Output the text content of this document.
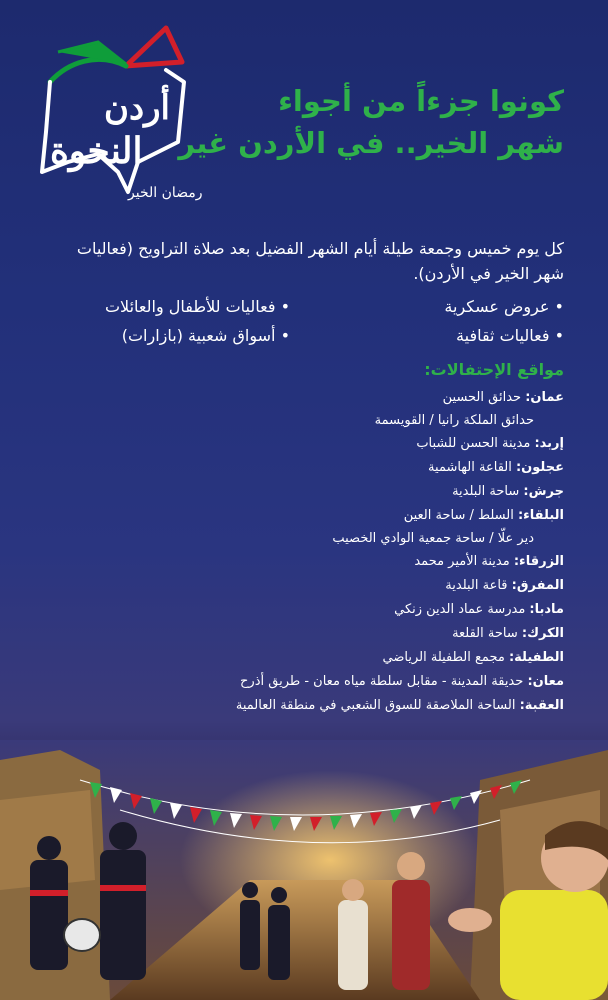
أردن
النخوة
رمضان الخير
كونوا جزءاً من أجواء
شهر الخير.. في الأردن غير
كل يوم خميس وجمعة طيلة أيام الشهر الفضيل بعد صلاة التراويح (فعاليات شهر الخير في الأردن).
• عروض عسكرية
• فعاليات ثقافية
• فعاليات للأطفال والعائلات
• أسواق شعبية (بازارات)
مواقع الإحتفالات:
عمان: حدائق الحسين
حدائق الملكة رانيا / القويسمة
إربد: مدينة الحسن للشباب
عجلون: القاعة الهاشمية
جرش: ساحة البلدية
البلقاء: السلط / ساحة العين
دير علّا / ساحة جمعية الوادي الخصيب
الزرقاء: مدينة الأمير محمد
المفرق: قاعة البلدية
مادبا: مدرسة عماد الدين زنكي
الكرك: ساحة القلعة
الطفيلة: مجمع الطفيلة الرياضي
معان: حديقة المدينة - مقابل سلطة مياه معان - طريق أذرح
العقبة: الساحة الملاصقة للسوق الشعبي في منطقة العالمية
